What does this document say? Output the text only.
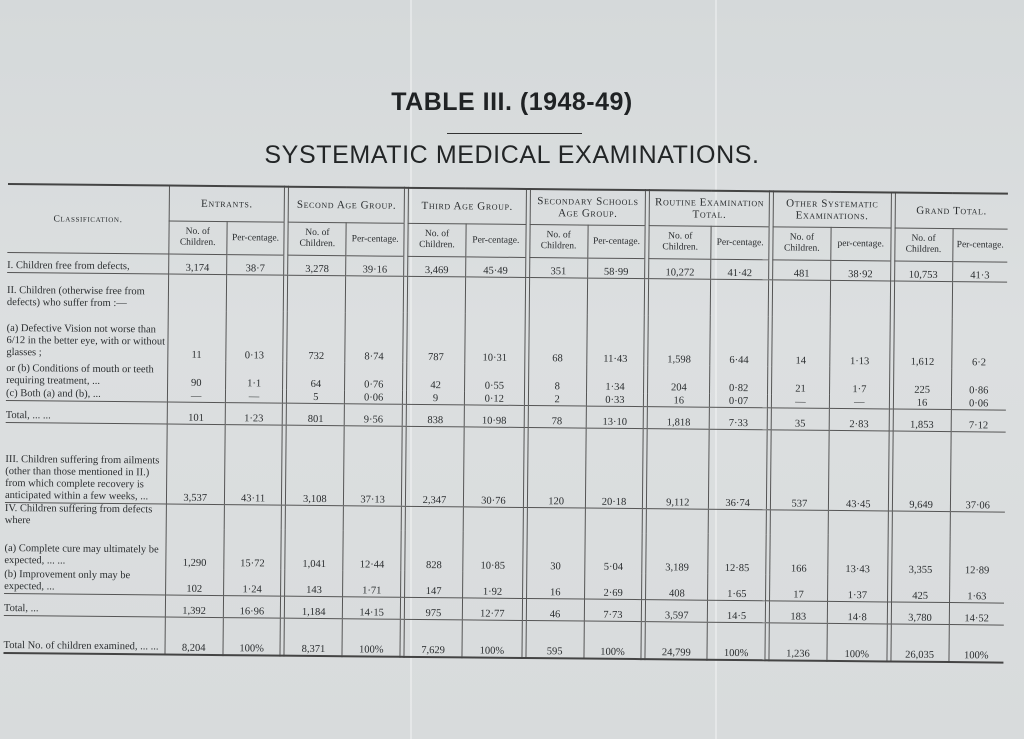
TABLE III. (1948-49)
SYSTEMATIC MEDICAL EXAMINATIONS.
Classification.	Entrants.			Second Age Group.			Third Age Group.			Secondary Schools Age Group.			Routine Examination Total.			Other Systematic Examinations.			Grand Total.	
	No. of Children.	Per-centage.		No. of Children.	Per-centage.		No. of Children.	Per-centage.		No. of Children.	Per-centage.		No. of Children.	Per-centage.		No. of Children.	per-centage.		No. of Children.	Per-centage.
I. Children free from defects,	3,174	38·7		3,278	39·16		3,469	45·49		351	58·99		10,272	41·42		481	38·92		10,753	41·3
II. Children (otherwise free from defects) who suffer from :—																				
(a) Defective Vision not worse than 6/12 in the better eye, with or without glasses ;	11	0·13		732	8·74		787	10·31		68	11·43		1,598	6·44		14	1·13		1,612	6·2
or (b) Conditions of mouth or teeth requiring treatment, ...	90	1·1		64	0·76		42	0·55		8	1·34		204	0·82		21	1·7		225	0·86
(c) Both (a) and (b), ...	—	—		5	0·06		9	0·12		2	0·33		16	0·07		—	—		16	0·06
Total, ... ...	101	1·23		801	9·56		838	10·98		78	13·10		1,818	7·33		35	2·83		1,853	7·12
III. Children suffering from ailments (other than those mentioned in II.) from which complete recovery is anticipated within a few weeks, ...	3,537	43·11		3,108	37·13		2,347	30·76		120	20·18		9,112	36·74		537	43·45		9,649	37·06
IV. Children suffering from defects where																				
(a) Complete cure may ultimately be expected, ... ...	1,290	15·72		1,041	12·44		828	10·85		30	5·04		3,189	12·85		166	13·43		3,355	12·89
(b) Improvement only may be expected, ...	102	1·24		143	1·71		147	1·92		16	2·69		408	1·65		17	1·37		425	1·63
Total, ...	1,392	16·96		1,184	14·15		975	12·77		46	7·73		3,597	14·5		183	14·8		3,780	14·52
Total No. of children examined, ... ...	8,204	100%		8,371	100%		7,629	100%		595	100%		24,799	100%		1,236	100%		26,035	100%
